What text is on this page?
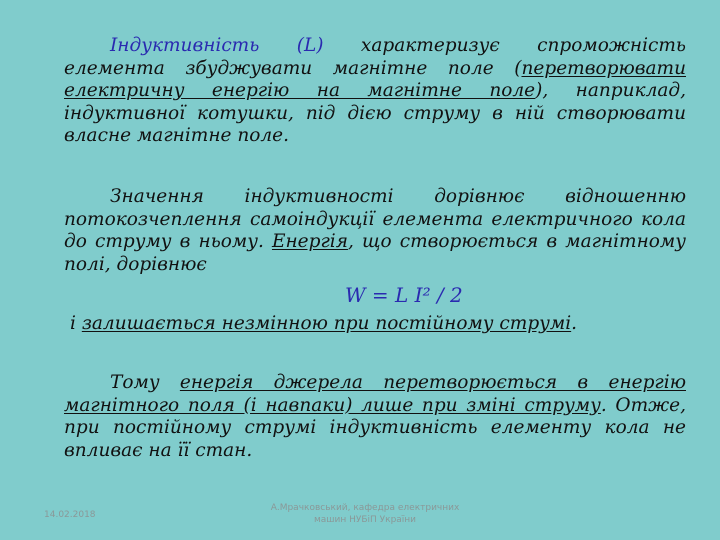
Індуктивність (L) характеризує спроможність елемента збуджувати магнітне поле (перетворювати електричну енергію на магнітне поле), наприклад, індуктивної котушки, під дією струму в ній створювати власне магнітне поле.

Значення індуктивності дорівнює відношенню потокозчеплення самоіндукції елемента електричного кола до струму в ньому. Енергія, що створюється в магнітному полі, дорівнює

W = L I² / 2
і залишається незмінною при постійному струмі.

Тому енергія джерела перетворюється в енергію магнітного поля (і навпаки) лише при зміні струму. Отже, при постійному струмі індуктивність елементу кола не впливає на її стан.

14.02.2018
А.Мрачковський, кафедра електричних
машин НУБіП України
